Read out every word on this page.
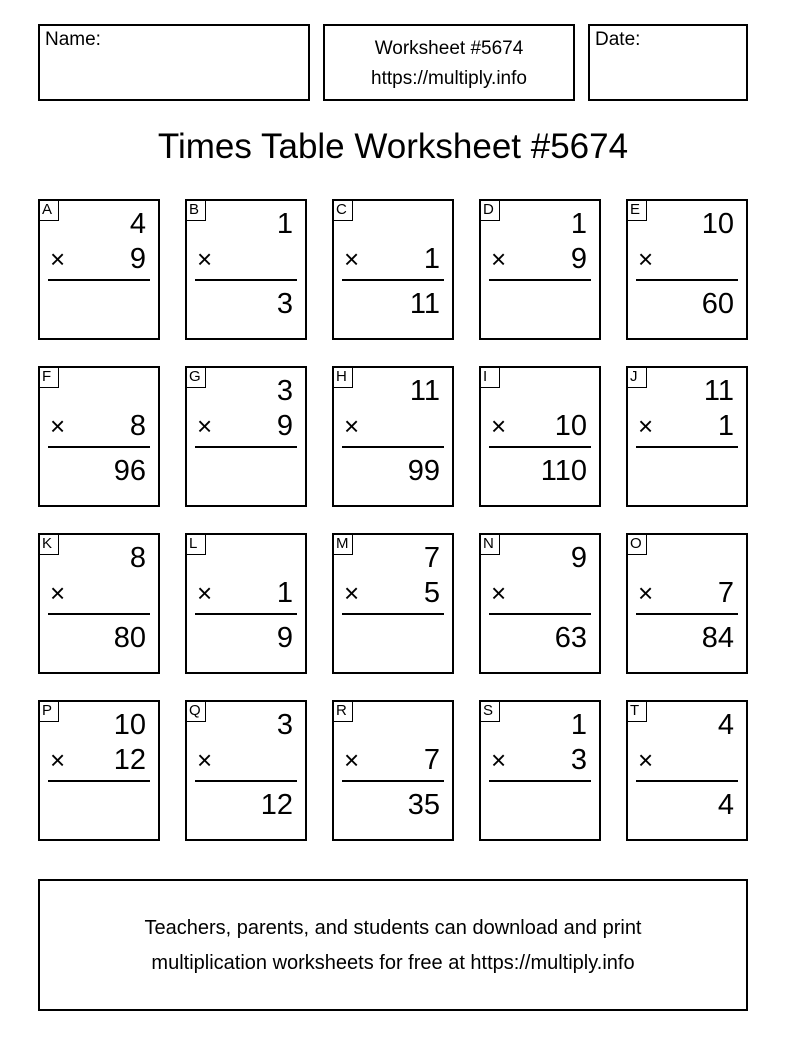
Name:	Worksheet #5674
https://multiply.info
Date:
Times Table Worksheet #5674
A	4
× 9
B	1
×
3
C
× 1
11
D	1
× 9
E 10
×
60
F
× 8
96
G	3
× 9
H 11
×
99
I
× 10
110
J	11
× 1
K	8
×
80
L
× 1
9
M	7
× 5
N	9
×
63
O
× 7
84
P 10
× 12
Q	3
×
12
R
× 7
35
S	1
× 3
T	4
×
4
Teachers, parents, and students can download and print
multiplication worksheets for free at https://multiply.info
